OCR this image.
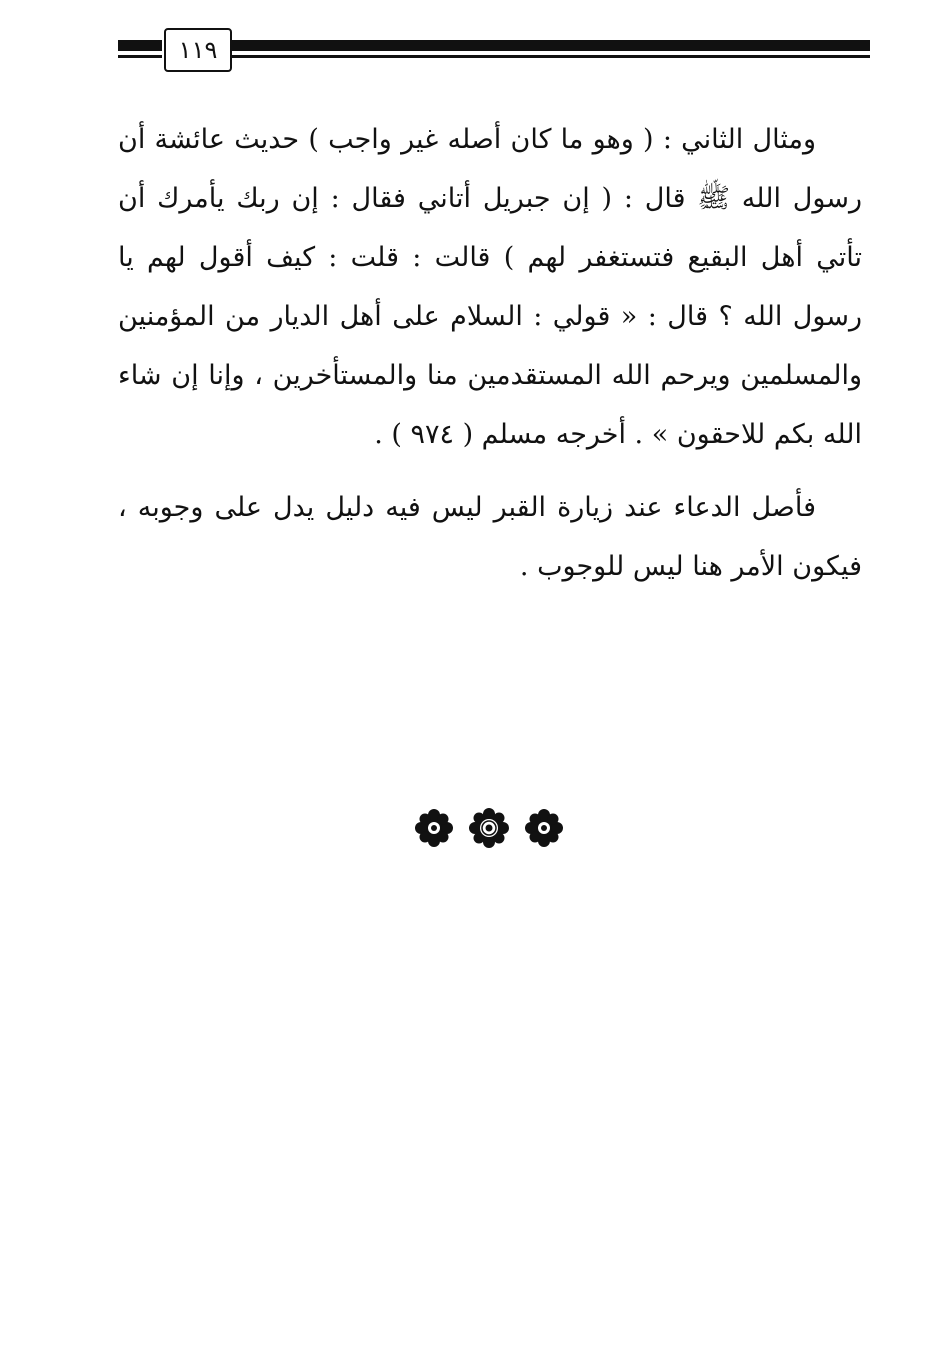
١١٩

ومثال الثاني : ( وهو ما كان أصله غير واجب ) حديث عائشة أن رسول الله ﷺ قال : ( إن جبريل أتاني فقال : إن ربك يأمرك أن تأتي أهل البقيع فتستغفر لهم ) قالت : قلت : كيف أقول لهم يا رسول الله ؟ قال : « قولي : السلام على أهل الديار من المؤمنين والمسلمين ويرحم الله المستقدمين منا والمستأخرين ، وإنا إن شاء الله بكم للاحقون » . أخرجه مسلم ( ٩٧٤ ) .

فأصل الدعاء عند زيارة القبر ليس فيه دليل يدل على وجوبه ، فيكون الأمر هنا ليس للوجوب .
